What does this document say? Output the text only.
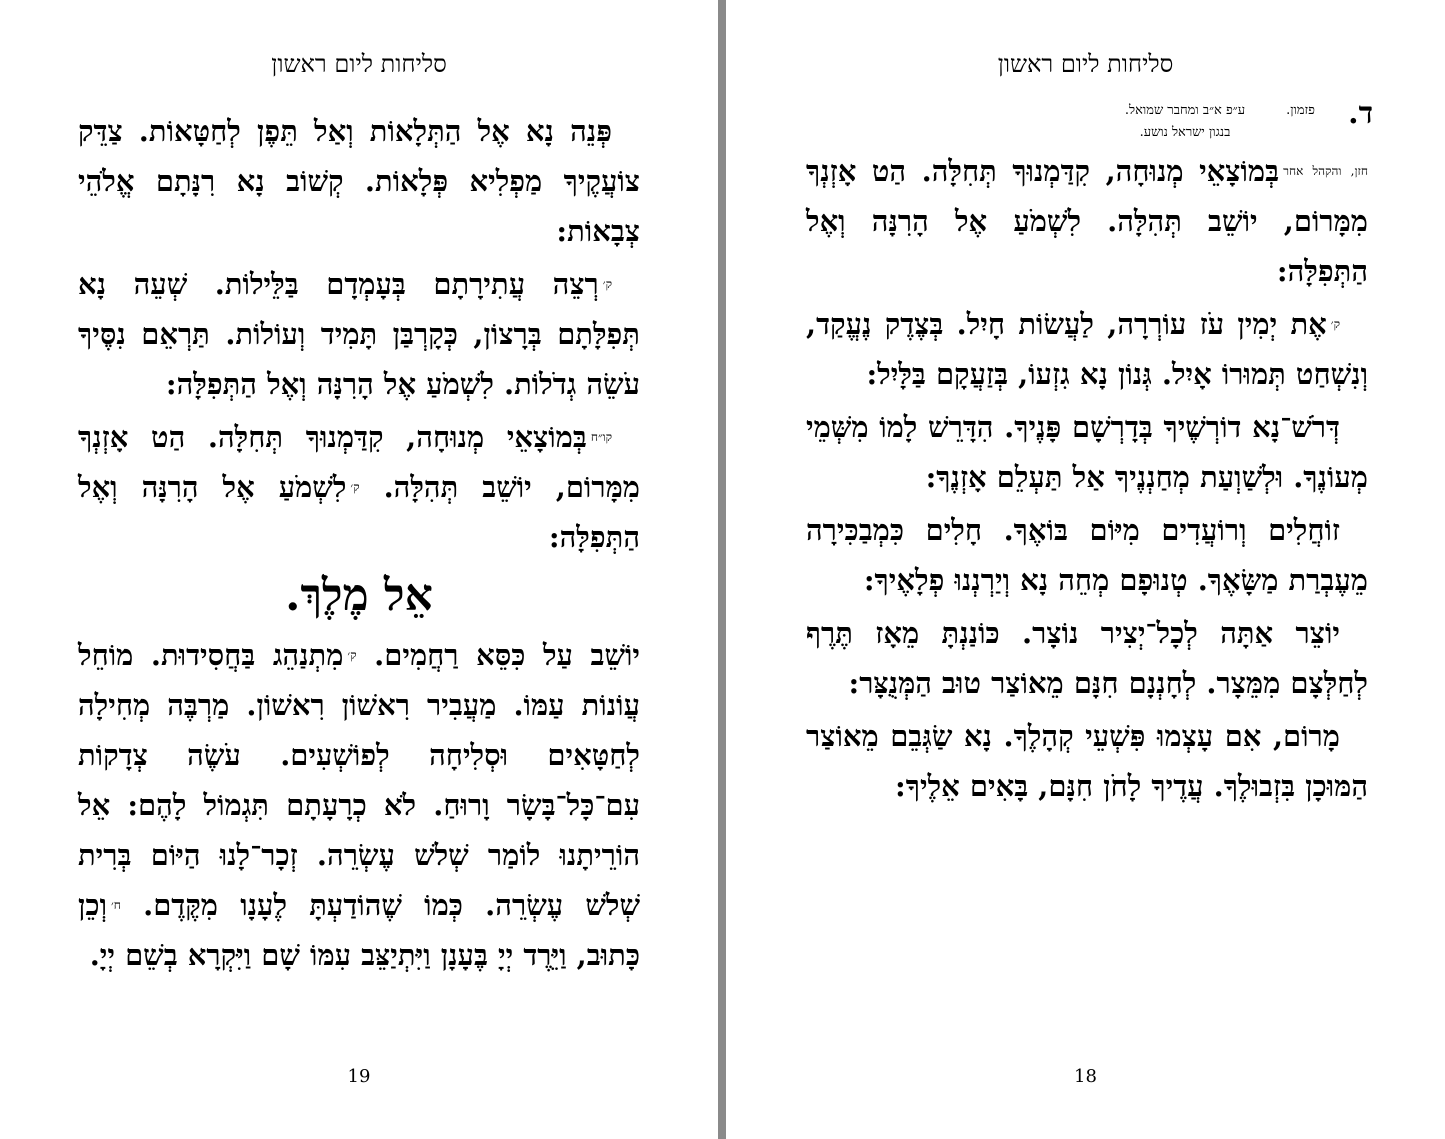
סליחות ליום ראשון

פְּנֵה נָא אֶל הַתְּלָאוֹת וְאַל תֵּפֶן לְחַטָּאוֹת. צַדֵּק צוֹעֲקֶיךָ מַפְלִיא פְּלָאוֹת. קְשׁוֹב נָא רִנָּתָם אֱלֹהֵי צְבָאוֹת:

$^{ק׳}$רְצֵה עֲתִירָתָם בְּעָמְדָם בַּלֵּילוֹת. שְׁעֵה נָא תְּפִלָּתָם בְּרָצוֹן, כְּקָרְבַּן תָּמִיד וְעוֹלוֹת. תַּרְאֵם נִסֶּיךָ עֹשֵׂה גְדֹלוֹת. לִשְׁמֹעַ אֶל הָרִנָּה וְאֶל הַתְּפִלָּה:

$^{קו״ח}$בְּמוֹצָאֵי מְנוּחָה, קִדַּמְנוּךָ תְּחִלָּה. הַט אָזְנְךָ מִמָּרוֹם, יוֹשֵׁב תְּהִלָּה. $^{ק׳}$לִשְׁמֹעַ אֶל הָרִנָּה וְאֶל הַתְּפִלָּה:

אֵל מֶלֶךְ.

יוֹשֵׁב עַל כִּסֵּא רַחֲמִים. $^{ק׳}$מִתְנַהֵג בַּחֲסִידוּת. מוֹחֵל עֲוֹנוֹת עַמּוֹ. מַעֲבִיר רִאשׁוֹן רִאשׁוֹן. מַרְבֶּה מְחִילָה לְחַטָּאִים וּסְלִיחָה לְפוֹשְׁעִים. עֹשֶׂה צְדָקוֹת עִם־כָּל־בָּשָׂר וָרוּחַ. לֹא כְרָעָתָם תִּגְמוֹל לָהֶם: אֵל הוֹרֵיתָנוּ לוֹמַר שְׁלשׁ עֶשְׂרֵה. זְכָר־לָנוּ הַיּוֹם בְּרִית שְׁלשׁ עֶשְׂרֵה. כְּמוֹ שֶׁהוֹדַעְתָּ לֶעָנָו מִקֶּדֶם. $^{ח׳}$וְכֵן כָּתוּב, וַיֵּרֶד יְיָ בֶּעָנָן וַיִּתְיַצֵּב עִמּוֹ שָׁם וַיִּקְרָא בְשֵׁם יְיָ.

19
סליחות ליום ראשון
ד.
פזמון.
ע״פ א״ב ומחבר שמואל.
בנגון ישראל נושע.

$^{חזן, והקהל אחר}$בְּמוֹצָאֵי מְנוּחָה, קִדַּמְנוּךָ תְּחִלָּה. הַט אָזְנְךָ מִמָּרוֹם, יוֹשֵׁב תְּהִלָּה. לִשְׁמֹעַ אֶל הָרִנָּה וְאֶל הַתְּפִלָּה:

$^{ק׳}$אֶת יְמִין עֹז עוֹרְרָה, לַעֲשׂוֹת חָיִל. בְּצֶדֶק נֶעֱקַד, וְנִשְׁחַט תְּמוּרוֹ אָיִל. גְּנוֹן נָא גִזְעוֹ, בְּזַעֲקָם בַּלָּיִל:

דְּרֹשׁ־נָא דוֹרְשֶׁיךָ בְּדָרְשָׁם פָּנֶיךָ. הִדָּרֵשׁ לָמוֹ מִשְּׁמֵי מְעוֹנֶךָ. וּלְשַׁוְעַת מְחַנְנֶיךָ אַל תַּעְלֵם אָזְנֶךָ:

זוֹחֲלִים וְרוֹעֲדִים מִיּוֹם בּוֹאֶךָ. חָלִים כִּמְבַכִּירָה מֵעֶבְרַת מַשָּׂאֶךָ. טְנוּפָם מְחֵה נָא וְיַרְנְנוּ פְלָאֶיךָ:

יוֹצֵר אַתָּה לְכָל־יְצִיר נוֹצָר. כּוֹנַנְתָּ מֵאָז תֶּרֶף לְחַלְּצָם מִמֵּצָר. לְחָנְנָם חִנָּם מֵאוֹצַר טוּב הַמְּנֻצָּר:

מָרוֹם, אִם עָצְמוּ פִּשְׁעֵי קְהָלֶךָ. נָא שַׂגְּבֵם מֵאוֹצַר הַמּוּכָן בִּזְבוּלֶךָ. עֲדֶיךָ לָחֹן חִנָּם, בָּאִים אֵלֶיךָ:

18
